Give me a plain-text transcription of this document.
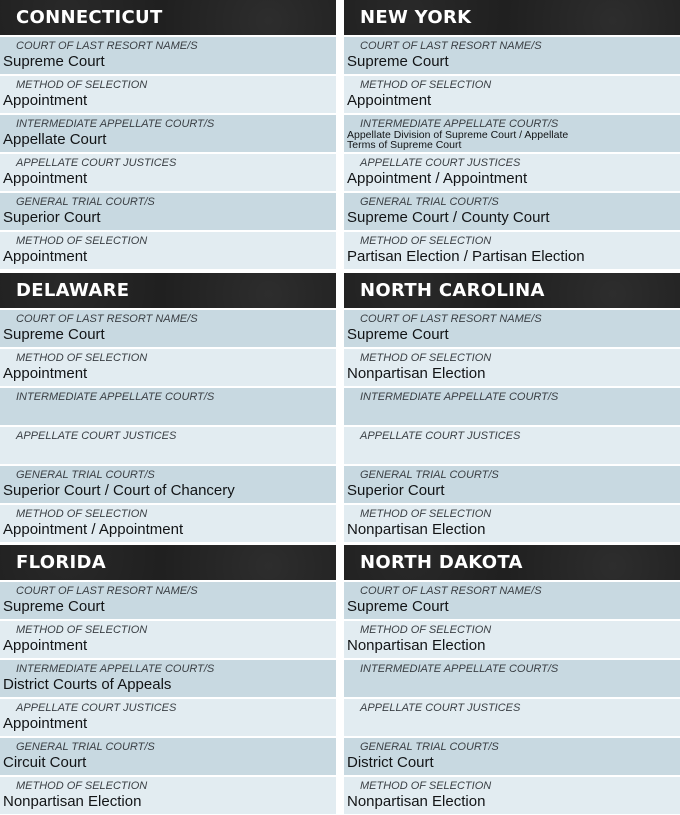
CONNECTICUT
COURT OF LAST RESORT NAME/S
Supreme Court
METHOD OF SELECTION
Appointment
INTERMEDIATE APPELLATE COURT/S
Appellate Court
APPELLATE COURT JUSTICES
Appointment
GENERAL TRIAL COURT/S
Superior Court
METHOD OF SELECTION
Appointment
DELAWARE
COURT OF LAST RESORT NAME/S
Supreme Court
METHOD OF SELECTION
Appointment
INTERMEDIATE APPELLATE COURT/S
APPELLATE COURT JUSTICES
GENERAL TRIAL COURT/S
Superior Court / Court of Chancery
METHOD OF SELECTION
Appointment / Appointment
FLORIDA
COURT OF LAST RESORT NAME/S
Supreme Court
METHOD OF SELECTION
Appointment
INTERMEDIATE APPELLATE COURT/S
District Courts of Appeals
APPELLATE COURT JUSTICES
Appointment
GENERAL TRIAL COURT/S
Circuit Court
METHOD OF SELECTION
Nonpartisan Election
NEW YORK
COURT OF LAST RESORT NAME/S
Supreme Court
METHOD OF SELECTION
Appointment
INTERMEDIATE APPELLATE COURT/S
Appellate Division of Supreme Court / Appellate Terms of Supreme Court
APPELLATE COURT JUSTICES
Appointment / Appointment
GENERAL TRIAL COURT/S
Supreme Court / County Court
METHOD OF SELECTION
Partisan Election / Partisan Election
NORTH CAROLINA
COURT OF LAST RESORT NAME/S
Supreme Court
METHOD OF SELECTION
Nonpartisan Election
INTERMEDIATE APPELLATE COURT/S
APPELLATE COURT JUSTICES
GENERAL TRIAL COURT/S
Superior Court
METHOD OF SELECTION
Nonpartisan Election
NORTH DAKOTA
COURT OF LAST RESORT NAME/S
Supreme Court
METHOD OF SELECTION
Nonpartisan Election
INTERMEDIATE APPELLATE COURT/S
APPELLATE COURT JUSTICES
GENERAL TRIAL COURT/S
District Court
METHOD OF SELECTION
Nonpartisan Election
